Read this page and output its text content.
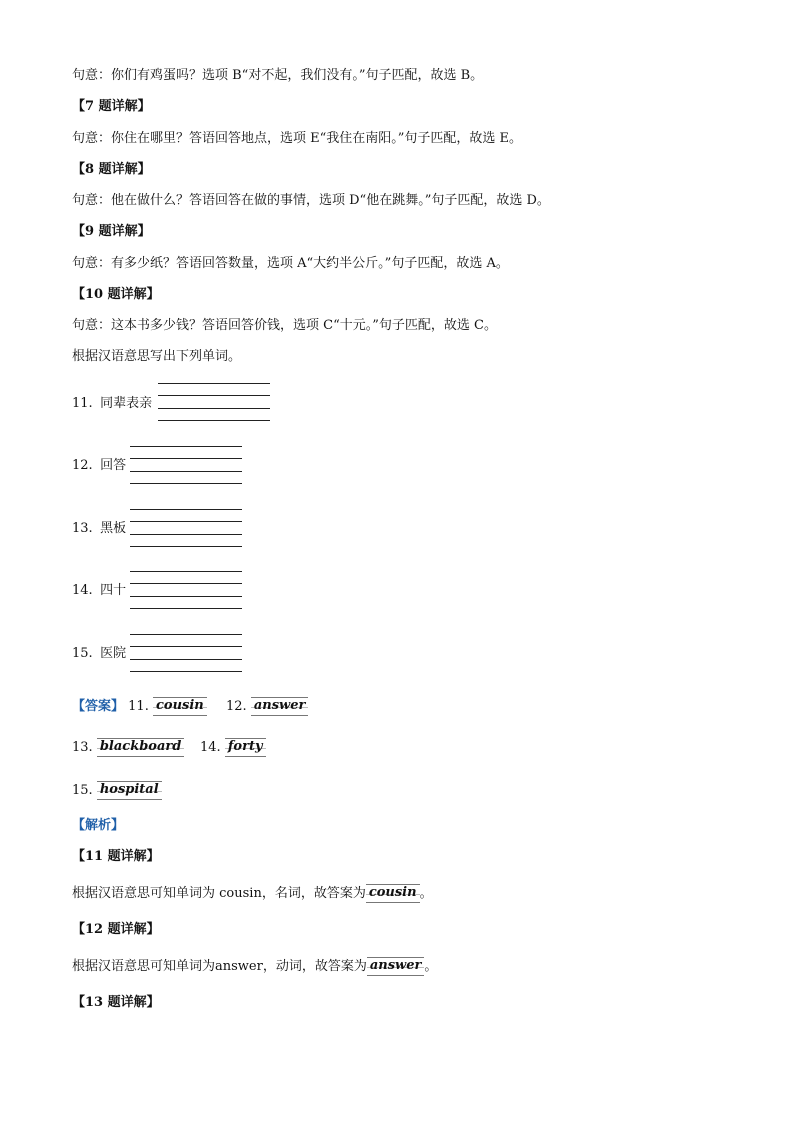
句意：你们有鸡蛋吗？选项 B“对不起，我们没有。”句子匹配，故选 B。
【7 题详解】
句意：你住在哪里？答语回答地点，选项 E“我住在南阳。”句子匹配，故选 E。
【8 题详解】
句意：他在做什么？答语回答在做的事情，选项 D“他在跳舞。”句子匹配，故选 D。
【9 题详解】
句意：有多少纸？答语回答数量，选项 A“大约半公斤。”句子匹配，故选 A。
【10 题详解】
句意：这本书多少钱？答语回答价钱，选项 C“十元。”句子匹配，故选 C。
根据汉语意思写出下列单词。
11. 同辈表亲
12. 回答
13. 黑板
14. 四十
15. 医院
【答案】 11. cousin 12. answer
13. blackboard 14. forty
15. hospital
【解析】
【11 题详解】
根据汉语意思可知单词为 cousin，名词，故答案为 cousin 。
【12 题详解】
根据汉语意思可知单词为answer，动词，故答案为 answer 。
【13 题详解】
